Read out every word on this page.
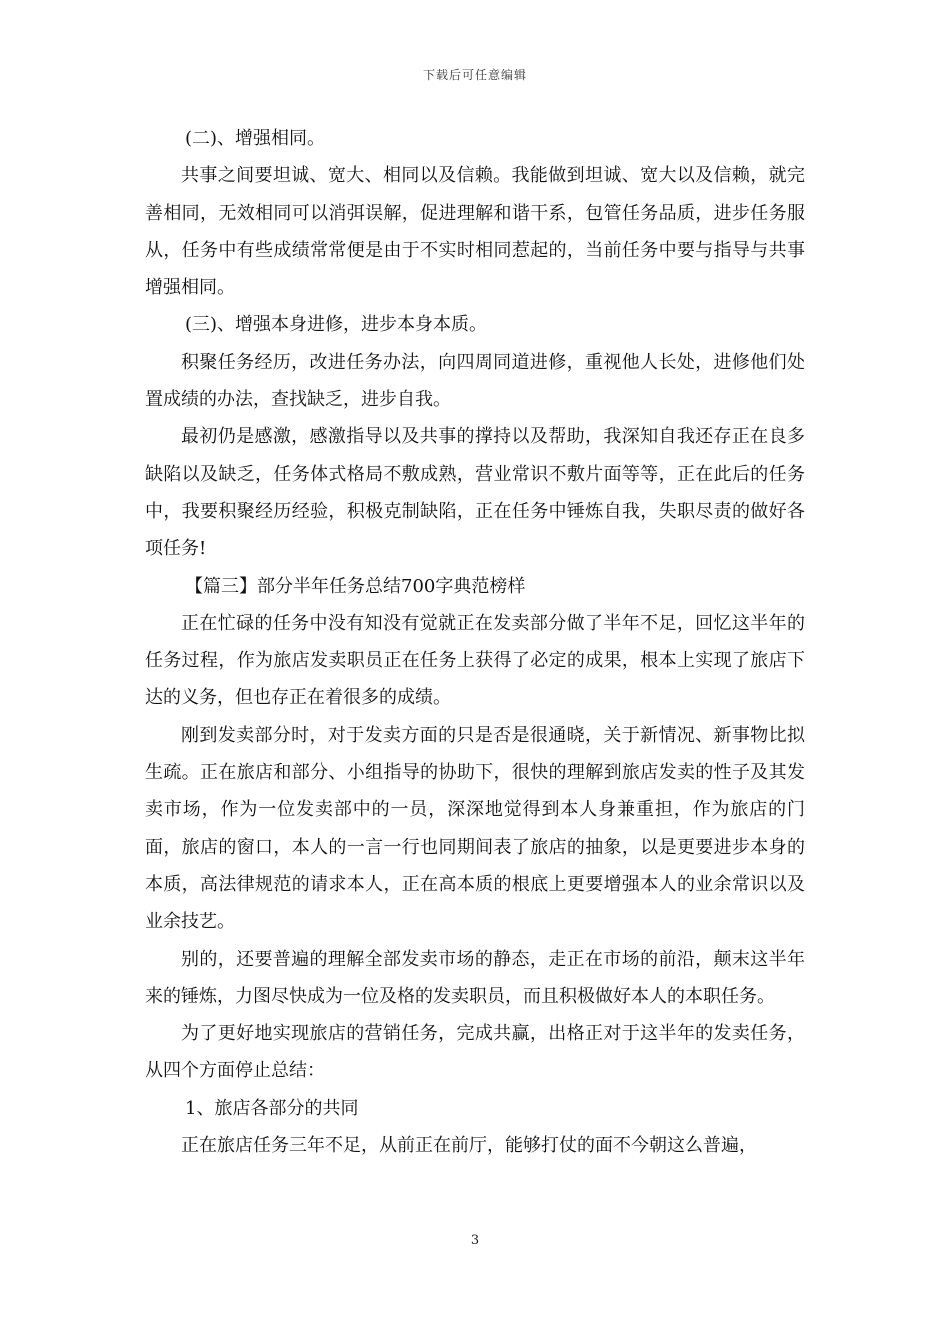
下载后可任意编辑

(二)、增强相同。

共事之间要坦诚、宽大、相同以及信赖。我能做到坦诚、宽大以及信赖，就完善相同，无效相同可以消弭误解，促进理解和谐干系，包管任务品质，进步任务服从，任务中有些成绩常常便是由于不实时相同惹起的，当前任务中要与指导与共事增强相同。

(三)、增强本身进修，进步本身本质。

积聚任务经历，改进任务办法，向四周同道进修，重视他人长处，进修他们处置成绩的办法，查找缺乏，进步自我。

最初仍是感激，感激指导以及共事的撑持以及帮助，我深知自我还存正在良多缺陷以及缺乏，任务体式格局不敷成熟，营业常识不敷片面等等，正在此后的任务中，我要积聚经历经验，积极克制缺陷，正在任务中锤炼自我，失职尽责的做好各项任务!

【篇三】部分半年任务总结700字典范榜样

正在忙碌的任务中没有知没有觉就正在发卖部分做了半年不足，回忆这半年的任务过程，作为旅店发卖职员正在任务上获得了必定的成果，根本上实现了旅店下达的义务，但也存正在着很多的成绩。

刚到发卖部分时，对于发卖方面的只是否是很通晓，关于新情况、新事物比拟生疏。正在旅店和部分、小组指导的协助下，很快的理解到旅店发卖的性子及其发卖市场，作为一位发卖部中的一员，深深地觉得到本人身兼重担，作为旅店的门面，旅店的窗口，本人的一言一行也同期间表了旅店的抽象，以是更要进步本身的本质，高法律规范的请求本人，正在高本质的根底上更要增强本人的业余常识以及业余技艺。

别的，还要普遍的理解全部发卖市场的静态，走正在市场的前沿，颠末这半年来的锤炼，力图尽快成为一位及格的发卖职员，而且积极做好本人的本职任务。

为了更好地实现旅店的营销任务，完成共赢，出格正对于这半年的发卖任务，从四个方面停止总结：

1、旅店各部分的共同

正在旅店任务三年不足，从前正在前厅，能够打仗的面不今朝这么普遍，

3
